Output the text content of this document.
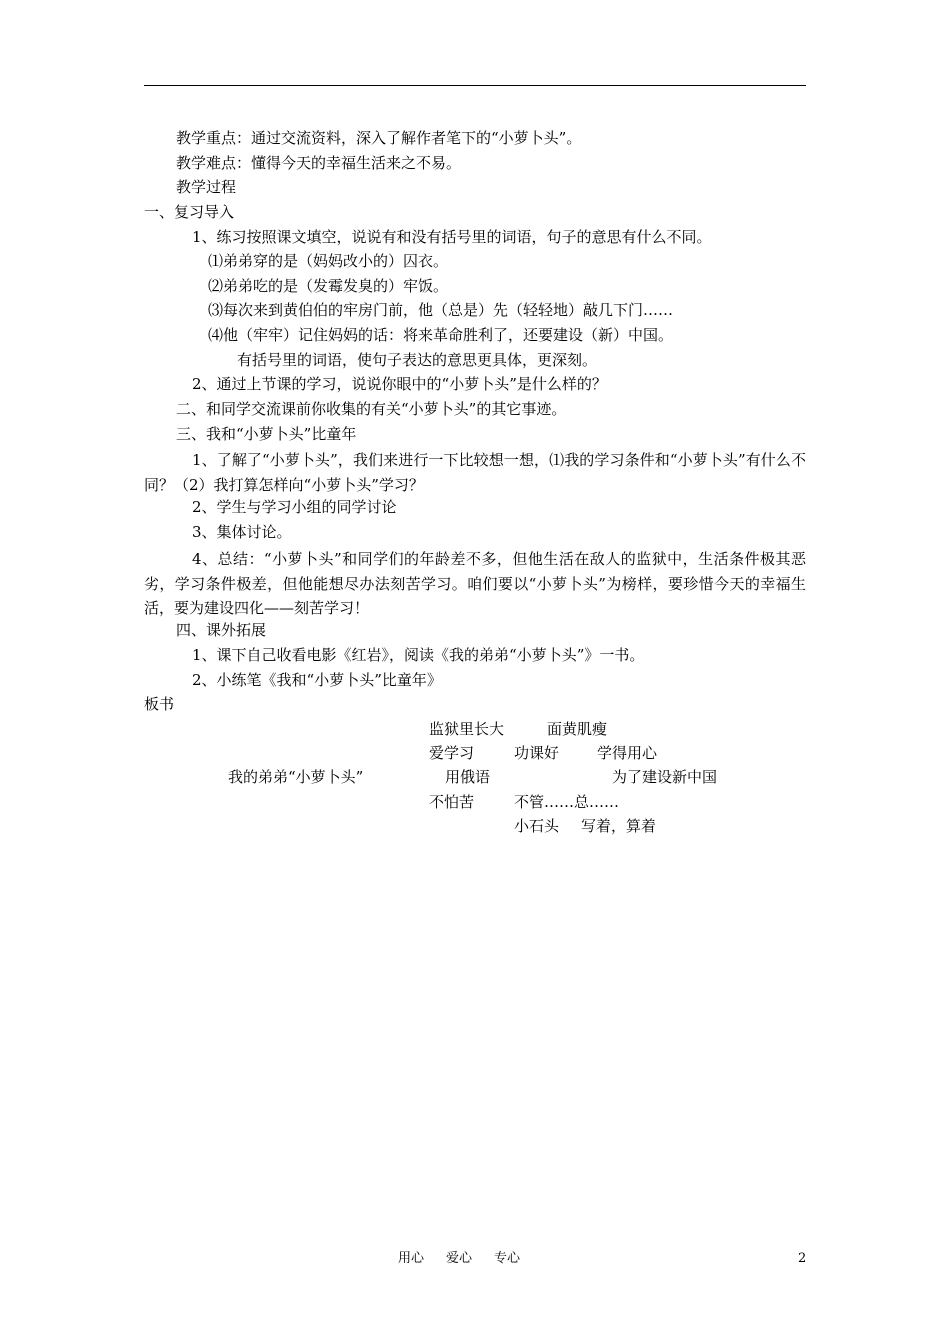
教学重点：通过交流资料，深入了解作者笔下的“小萝卜头”。
教学难点：懂得今天的幸福生活来之不易。
教学过程
一、复习导入
1、练习按照课文填空，说说有和没有括号里的词语，句子的意思有什么不同。
⑴弟弟穿的是（妈妈改小的）囚衣。
⑵弟弟吃的是（发霉发臭的）牢饭。
⑶每次来到黄伯伯的牢房门前，他（总是）先（轻轻地）敲几下门……
⑷他（牢牢）记住妈妈的话：将来革命胜利了，还要建设（新）中国。
有括号里的词语，使句子表达的意思更具体，更深刻。
2、通过上节课的学习，说说你眼中的“小萝卜头”是什么样的？
二、和同学交流课前你收集的有关“小萝卜头”的其它事迹。
三、我和“小萝卜头”比童年
1、了解了“小萝卜头”，我们来进行一下比较想一想，⑴我的学习条件和“小萝卜头”有什么不同？（2）我打算怎样向“小萝卜头”学习？
2、学生与学习小组的同学讨论
3、集体讨论。
4、总结：“小萝卜头”和同学们的年龄差不多，但他生活在敌人的监狱中，生活条件极其恶劣，学习条件极差，但他能想尽办法刻苦学习。咱们要以“小萝卜头”为榜样，要珍惜今天的幸福生活，要为建设四化——刻苦学习！
四、课外拓展
1、课下自己收看电影《红岩》，阅读《我的弟弟“小萝卜头”》一书。
2、小练笔《我和“小萝卜头”比童年》
板书
我的弟弟“小萝卜头”
监狱里长大	面黄肌瘦
爱学习	功课好	学得用心
用俄语	为了建设新中国
不怕苦	不管……总……
小石头 写着，算着
用心 爱心 专心	2
